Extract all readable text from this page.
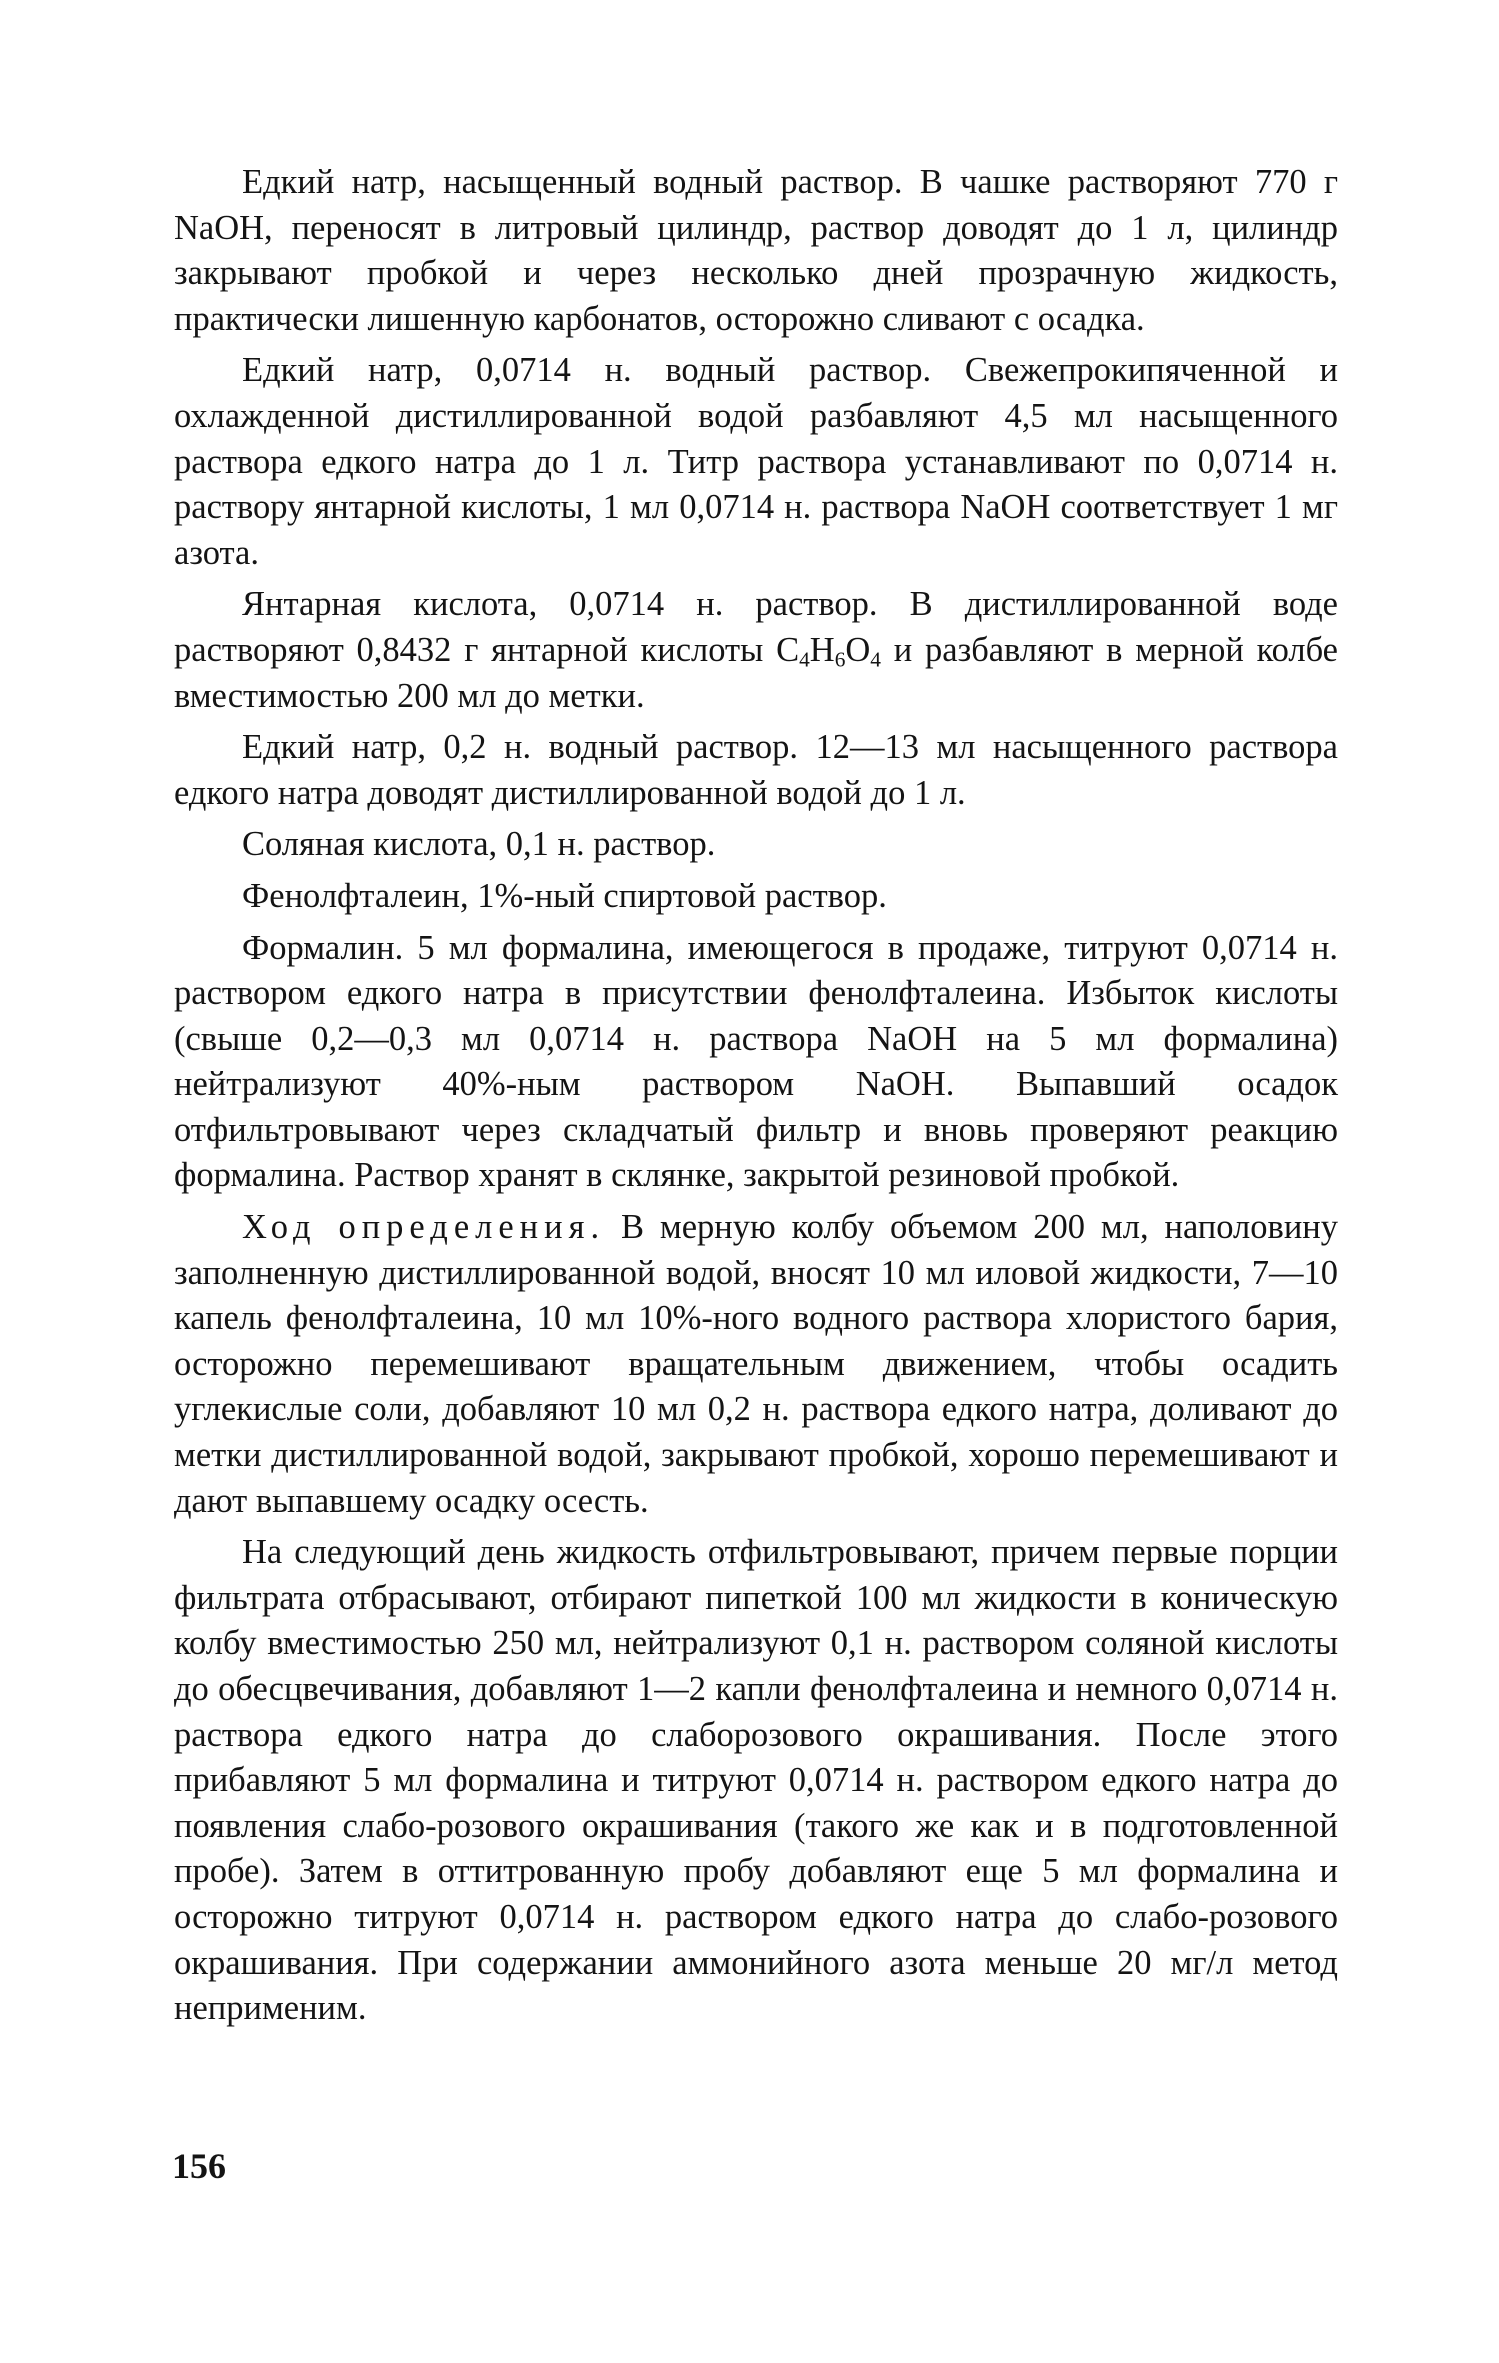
Едкий натр, насыщенный водный раствор. В чашке растворяют 770 г NaOH, переносят в литровый цилиндр, раствор доводят до 1 л, цилиндр закрывают пробкой и через несколько дней прозрачную жидкость, практически лишенную карбонатов, осторожно сливают с осадка.

Едкий натр, 0,0714 н. водный раствор. Свежепрокипяченной и охлажденной дистиллированной водой разбавляют 4,5 мл насыщенного раствора едкого натра до 1 л. Титр раствора устанавливают по 0,0714 н. раствору янтарной кислоты, 1 мл 0,0714 н. раствора NaOH соответствует 1 мг азота.

Янтарная кислота, 0,0714 н. раствор. В дистиллированной воде растворяют 0,8432 г янтарной кислоты $C_4H_6O_4$ и разбавляют в мерной колбе вместимостью 200 мл до метки.

Едкий натр, 0,2 н. водный раствор. 12—13 мл насыщенного раствора едкого натра доводят дистиллированной водой до 1 л.

Соляная кислота, 0,1 н. раствор.

Фенолфталеин, 1%-ный спиртовой раствор.

Формалин. 5 мл формалина, имеющегося в продаже, титруют 0,0714 н. раствором едкого натра в присутствии фенолфталеина. Избыток кислоты (свыше 0,2—0,3 мл 0,0714 н. раствора NaOH на 5 мл формалина) нейтрализуют 40%-ным раствором NaOH. Выпавший осадок отфильтровывают через складчатый фильтр и вновь проверяют реакцию формалина. Раствор хранят в склянке, закрытой резиновой пробкой.

Ход определения. В мерную колбу объемом 200 мл, наполовину заполненную дистиллированной водой, вносят 10 мл иловой жидкости, 7—10 капель фенолфталеина, 10 мл 10%-ного водного раствора хлористого бария, осторожно перемешивают вращательным движением, чтобы осадить углекислые соли, добавляют 10 мл 0,2 н. раствора едкого натра, доливают до метки дистиллированной водой, закрывают пробкой, хорошо перемешивают и дают выпавшему осадку осесть.

На следующий день жидкость отфильтровывают, причем первые порции фильтрата отбрасывают, отбирают пипеткой 100 мл жидкости в коническую колбу вместимостью 250 мл, нейтрализуют 0,1 н. раствором соляной кислоты до обесцвечивания, добавляют 1—2 капли фенолфталеина и немного 0,0714 н. раствора едкого натра до слаборозового окрашивания. После этого прибавляют 5 мл формалина и титруют 0,0714 н. раствором едкого натра до появления слабо-розового окрашивания (такого же как и в подготовленной пробе). Затем в оттитрованную пробу добавляют еще 5 мл формалина и осторожно титруют 0,0714 н. раствором едкого натра до слабо-розового окрашивания. При содержании аммонийного азота меньше 20 мг/л метод неприменим.

156
